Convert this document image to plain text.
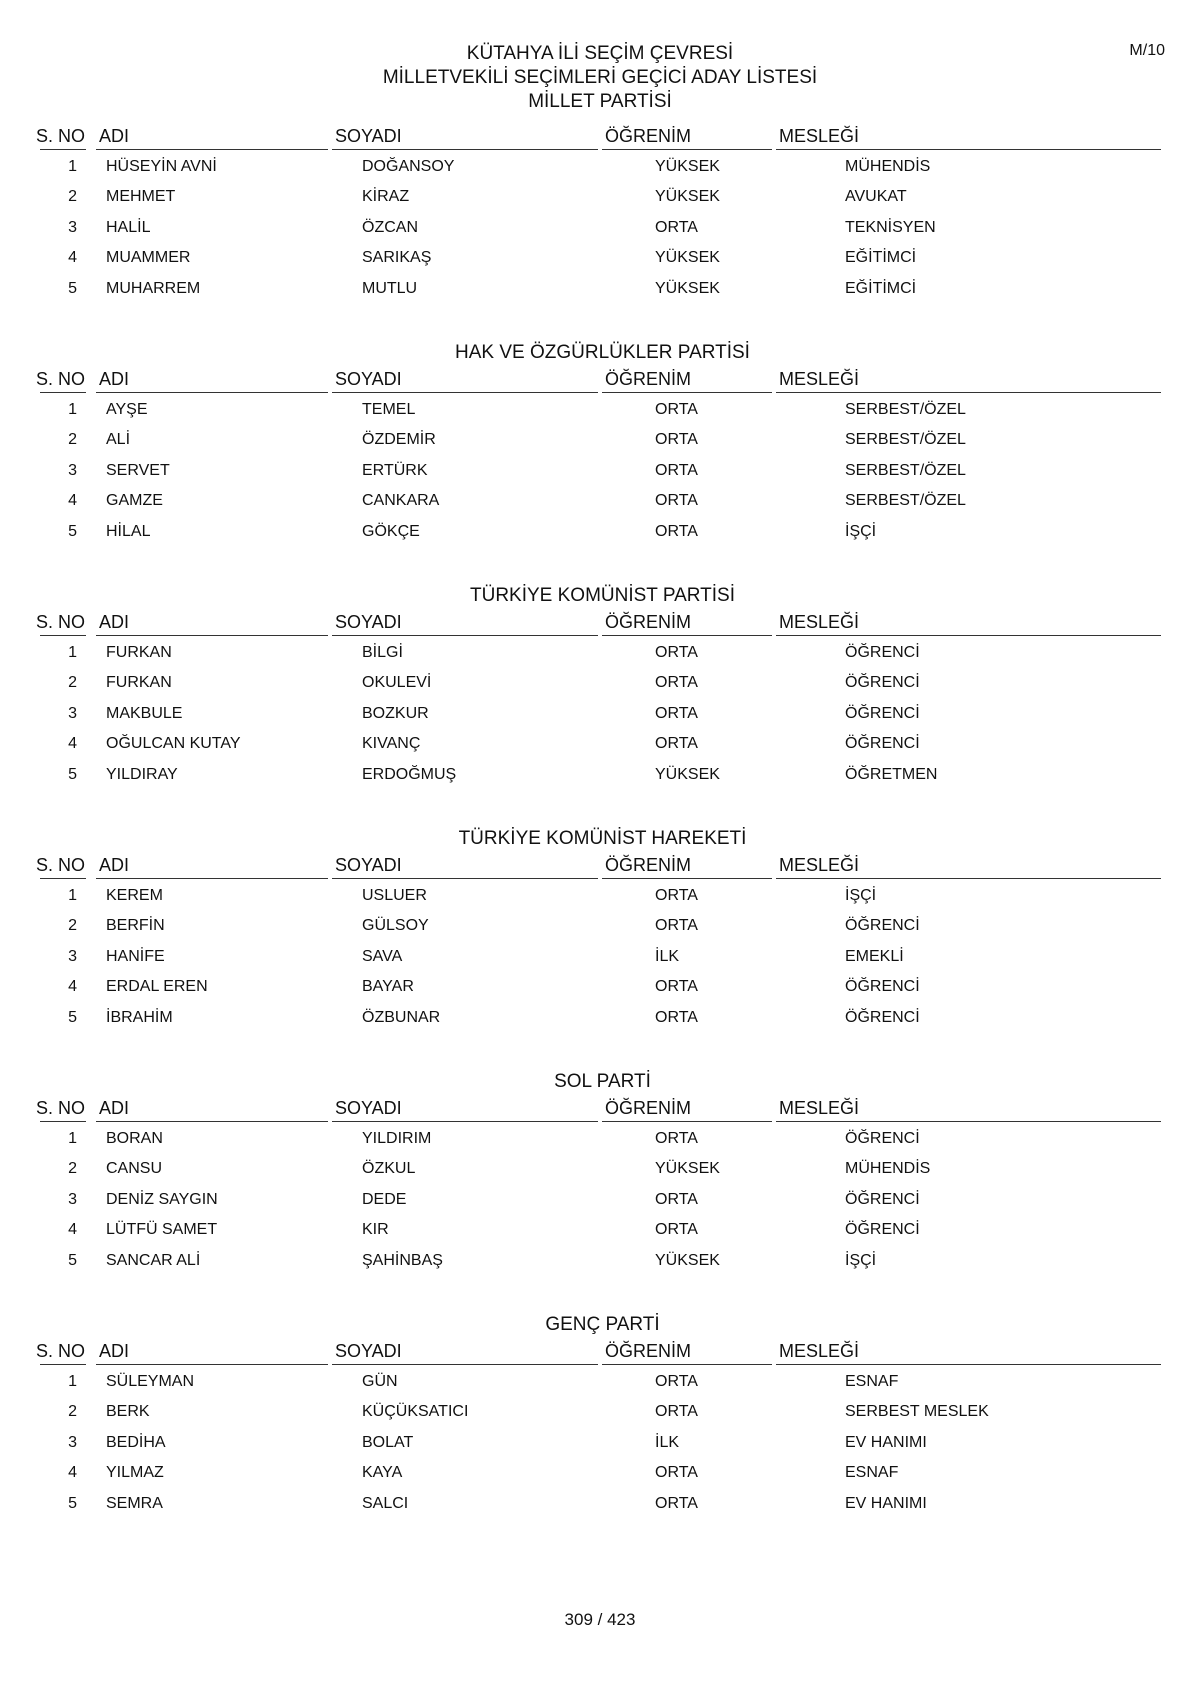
M/10
KÜTAHYA İLİ SEÇİM ÇEVRESİ
MİLLETVEKİLİ SEÇİMLERİ GEÇİCİ ADAY LİSTESİ
MİLLET PARTİSİ
S. NO ADI	SOYADI	ÖĞRENİM	MESLEĞİ
1 HÜSEYİN AVNİ	DOĞANSOY	YÜKSEK	MÜHENDİS
2 MEHMET	KİRAZ	YÜKSEK	AVUKAT
3 HALİL	ÖZCAN	ORTA	TEKNİSYEN
4 MUAMMER	SARIKAŞ	YÜKSEK	EĞİTİMCİ
5 MUHARREM	MUTLU	YÜKSEK	EĞİTİMCİ
HAK VE ÖZGÜRLÜKLER PARTİSİ
S. NO ADI	SOYADI	ÖĞRENİM	MESLEĞİ
1 AYŞE	TEMEL	ORTA	SERBEST/ÖZEL
2 ALİ	ÖZDEMİR	ORTA	SERBEST/ÖZEL
3 SERVET	ERTÜRK	ORTA	SERBEST/ÖZEL
4 GAMZE	CANKARA	ORTA	SERBEST/ÖZEL
5 HİLAL	GÖKÇE	ORTA	İŞÇİ
TÜRKİYE KOMÜNİST PARTİSİ
S. NO ADI	SOYADI	ÖĞRENİM	MESLEĞİ
1 FURKAN	BİLGİ	ORTA	ÖĞRENCİ
2 FURKAN	OKULEVİ	ORTA	ÖĞRENCİ
3 MAKBULE	BOZKUR	ORTA	ÖĞRENCİ
4 OĞULCAN KUTAY	KIVANÇ	ORTA	ÖĞRENCİ
5 YILDIRAY	ERDOĞMUŞ	YÜKSEK	ÖĞRETMEN
TÜRKİYE KOMÜNİST HAREKETİ
S. NO ADI	SOYADI	ÖĞRENİM	MESLEĞİ
1 KEREM	USLUER	ORTA	İŞÇİ
2 BERFİN	GÜLSOY	ORTA	ÖĞRENCİ
3 HANİFE	SAVA	İLK	EMEKLİ
4 ERDAL EREN	BAYAR	ORTA	ÖĞRENCİ
5 İBRAHİM	ÖZBUNAR	ORTA	ÖĞRENCİ
SOL PARTİ
S. NO ADI	SOYADI	ÖĞRENİM	MESLEĞİ
1 BORAN	YILDIRIM	ORTA	ÖĞRENCİ
2 CANSU	ÖZKUL	YÜKSEK	MÜHENDİS
3 DENİZ SAYGIN	DEDE	ORTA	ÖĞRENCİ
4 LÜTFÜ SAMET	KIR	ORTA	ÖĞRENCİ
5 SANCAR ALİ	ŞAHİNBAŞ	YÜKSEK	İŞÇİ
GENÇ PARTİ
S. NO ADI	SOYADI	ÖĞRENİM	MESLEĞİ
1 SÜLEYMAN	GÜN	ORTA	ESNAF
2 BERK	KÜÇÜKSATICI	ORTA	SERBEST MESLEK
3 BEDİHA	BOLAT	İLK	EV HANIMI
4 YILMAZ	KAYA	ORTA	ESNAF
5 SEMRA	SALCI	ORTA	EV HANIMI
309 / 423
